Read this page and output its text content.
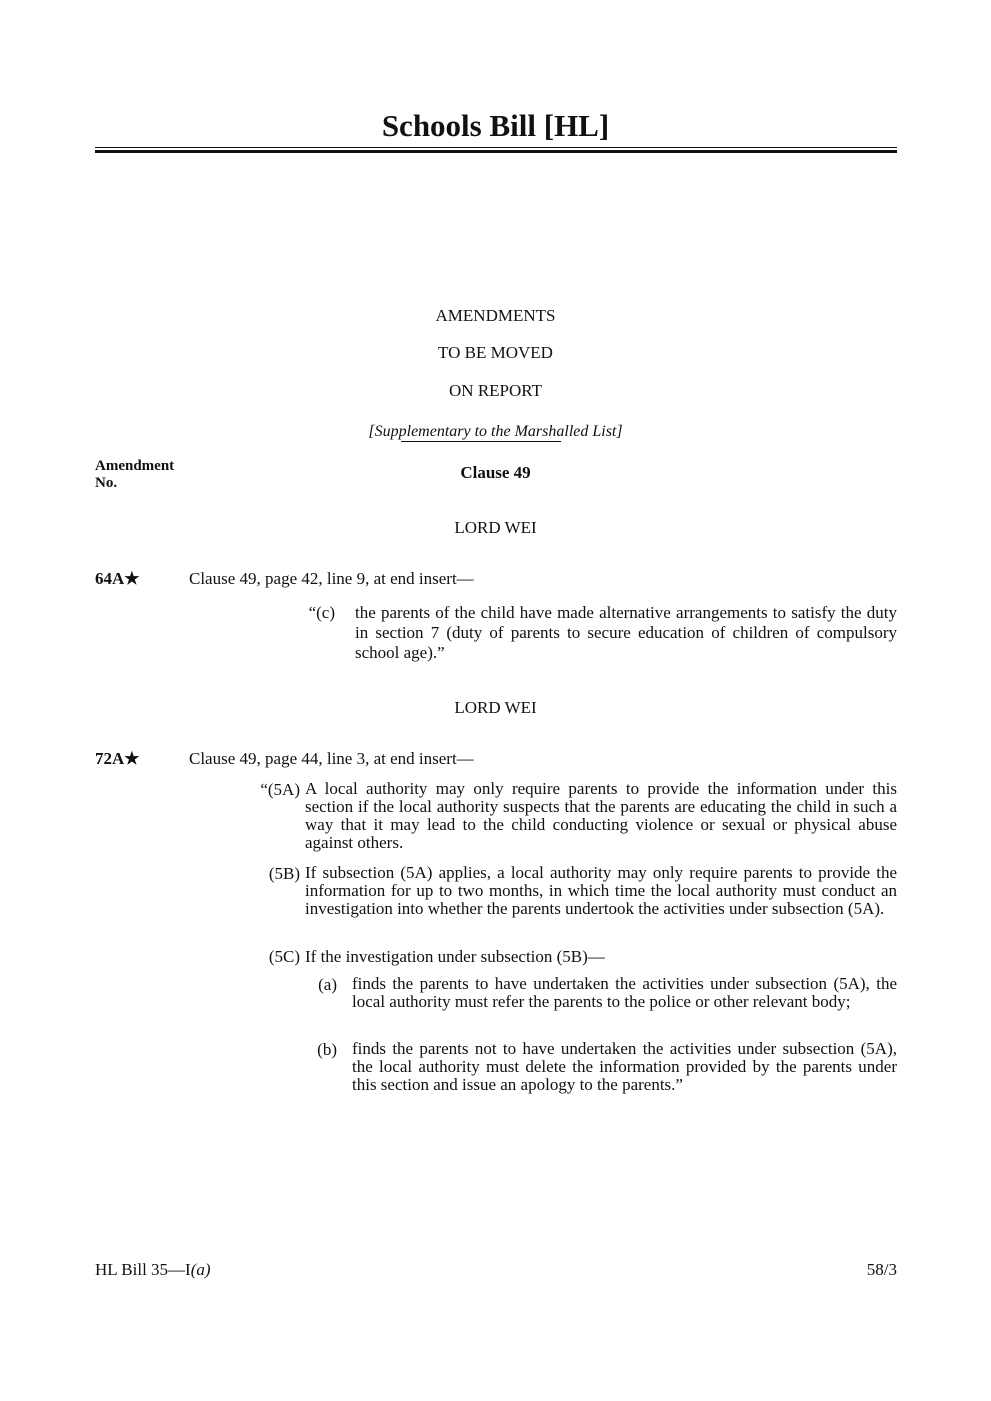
Schools Bill [HL]
AMENDMENTS
TO BE MOVED
ON REPORT
[Supplementary to the Marshalled List]
Amendment
No.
Clause 49
LORD WEI
64A★	Clause 49, page 42, line 9, at end insert—
“(c) the parents of the child have made alternative arrangements to satisfy the duty in section 7 (duty of parents to secure education of children of compulsory school age).”
LORD WEI
72A★	Clause 49, page 44, line 3, at end insert—
“(5A) A local authority may only require parents to provide the information under this section if the local authority suspects that the parents are educating the child in such a way that it may lead to the child conducting violence or sexual or physical abuse against others.
(5B) If subsection (5A) applies, a local authority may only require parents to provide the information for up to two months, in which time the local authority must conduct an investigation into whether the parents undertook the activities under subsection (5A).
(5C) If the investigation under subsection (5B)—
(a) finds the parents to have undertaken the activities under subsection (5A), the local authority must refer the parents to the police or other relevant body;
(b) finds the parents not to have undertaken the activities under subsection (5A), the local authority must delete the information provided by the parents under this section and issue an apology to the parents.”
HL Bill 35—I(a)	58/3
